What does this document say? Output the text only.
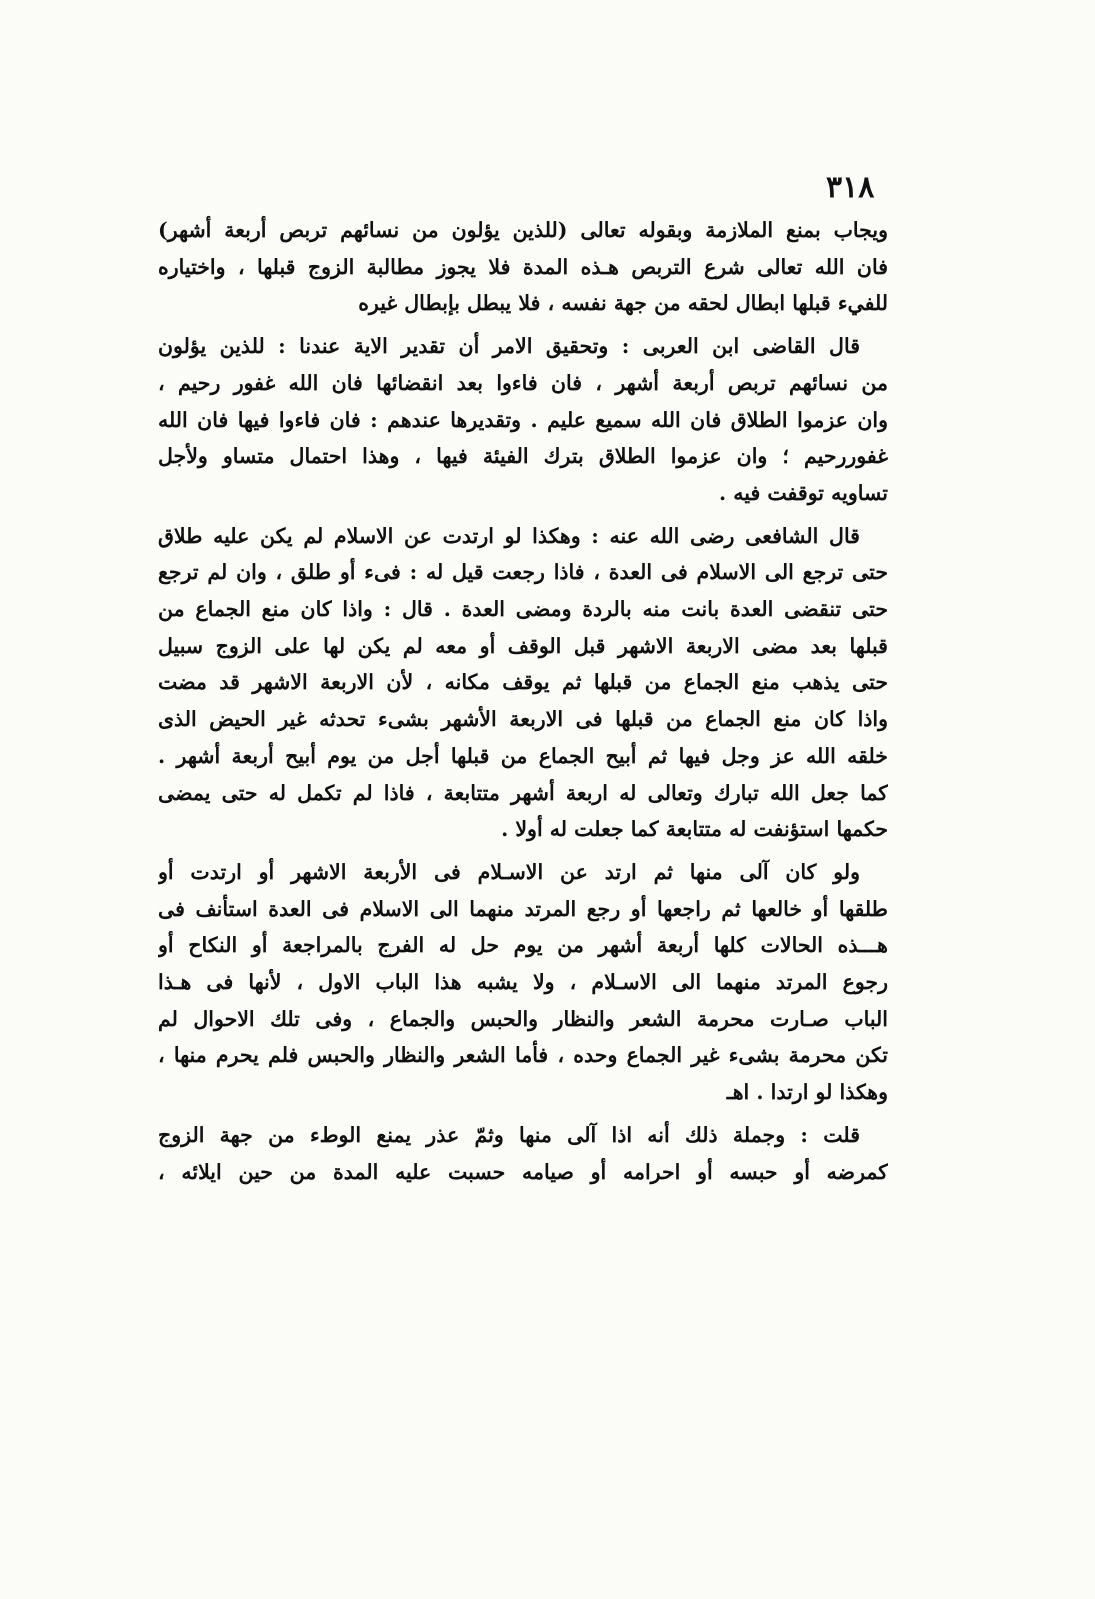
٣١٨
ويجاب بمنع الملازمة وبقوله تعالى (للذين يؤلون من نسائهم تربص أربعة أشهر)
فان الله تعالى شرع التربص هـذه المدة فلا يجوز مطالبة الزوج قبلها ، واختياره
للفيء قبلها ابطال لحقه من جهة نفسه ، فلا يبطل بإبطال غيره
قال القاضى ابن العربى : وتحقيق الامر أن تقدير الاية عندنا : للذين يؤلون
من نسائهم تربص أربعة أشهر ، فان فاءوا بعد انقضائها فان الله غفور رحيم ،
وان عزموا الطلاق فان الله سميع عليم . وتقديرها عندهم : فان فاءوا فيها فان الله
غفوررحيم ؛ وان عزموا الطلاق بترك الفيئة فيها ، وهذا احتمال متساو ولأجل
تساويه توقفت فيه .
قال الشافعى رضى الله عنه : وهكذا لو ارتدت عن الاسلام لم يكن عليه طلاق
حتى ترجع الى الاسلام فى العدة ، فاذا رجعت قيل له : فىء أو طلق ، وان لم ترجع
حتى تنقضى العدة بانت منه بالردة ومضى العدة . قال : واذا كان منع الجماع من
قبلها بعد مضى الاربعة الاشهر قبل الوقف أو معه لم يكن لها على الزوج سبيل
حتى يذهب منع الجماع من قبلها ثم يوقف مكانه ، لأن الاربعة الاشهر قد مضت
واذا كان منع الجماع من قبلها فى الاربعة الأشهر بشىء تحدثه غير الحيض الذى
خلقه الله عز وجل فيها ثم أبيح الجماع من قبلها أجل من يوم أبيح أربعة أشهر .
كما جعل الله تبارك وتعالى له اربعة أشهر متتابعة ، فاذا لم تكمل له حتى يمضى
حكمها استؤنفت له متتابعة كما جعلت له أولا .
ولو كان آلى منها ثم ارتد عن الاسـلام فى الأربعة الاشهر أو ارتدت أو
طلقها أو خالعها ثم راجعها أو رجع المرتد منهما الى الاسلام فى العدة استأنف فى
هـــذه الحالات كلها أربعة أشهر من يوم حل له الفرج بالمراجعة أو النكاح أو
رجوع المرتد منهما الى الاسـلام ، ولا يشبه هذا الباب الاول ، لأنها فى هـذا
الباب صـارت محرمة الشعر والنظار والحبس والجماع ، وفى تلك الاحوال لم
تكن محرمة بشىء غير الجماع وحده ، فأما الشعر والنظار والحبس فلم يحرم منها ،
وهكذا لو ارتدا . اهـ
قلت : وجملة ذلك أنه اذا آلى منها وثمّ عذر يمنع الوطء من جهة الزوج
كمرضه أو حبسه أو احرامه أو صيامه حسبت عليه المدة من حين ايلائه ،
